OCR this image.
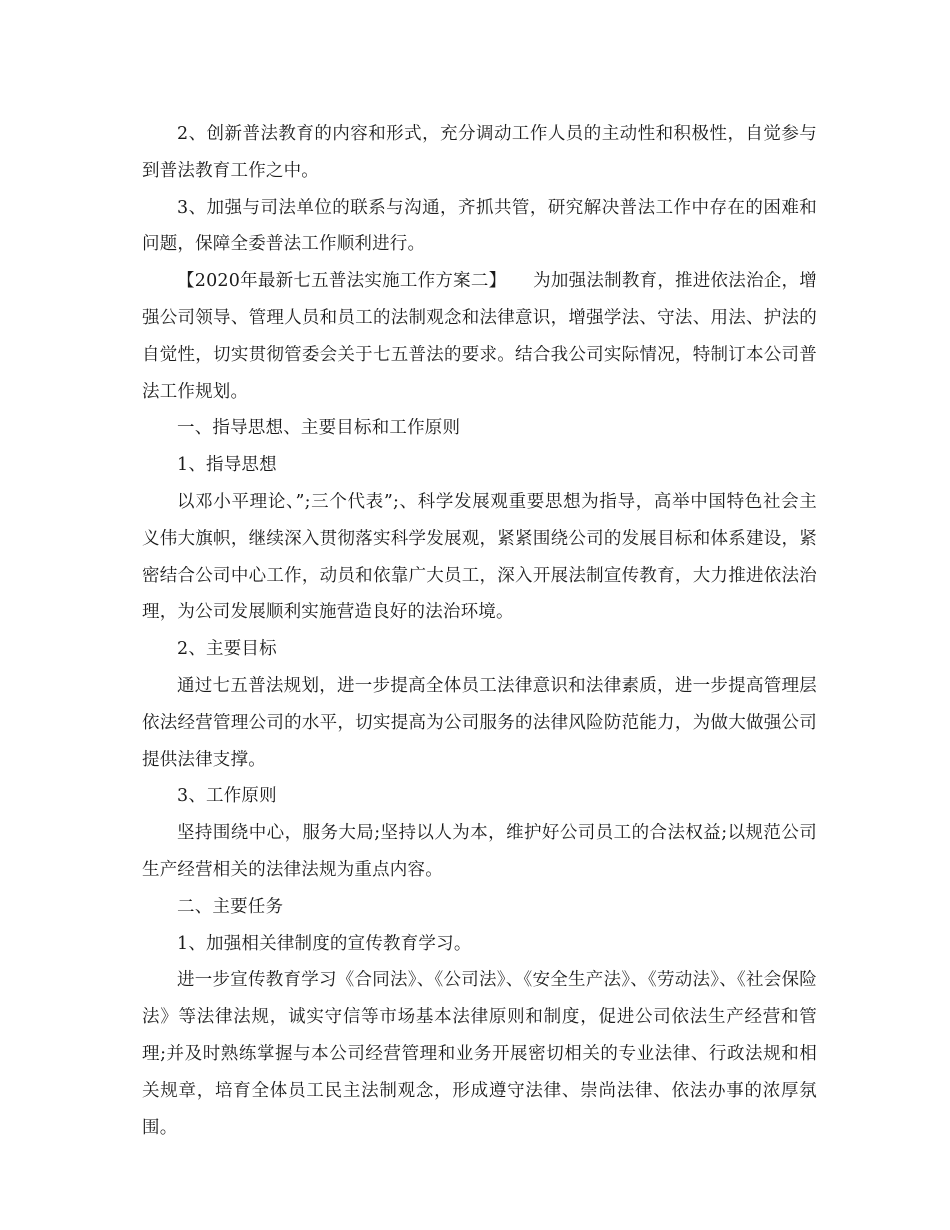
2、创新普法教育的内容和形式，充分调动工作人员的主动性和积极性，自觉参与到普法教育工作之中。

3、加强与司法单位的联系与沟通，齐抓共管，研究解决普法工作中存在的困难和问题，保障全委普法工作顺利进行。

【2020年最新七五普法实施工作方案二】　　为加强法制教育，推进依法治企，增强公司领导、管理人员和员工的法制观念和法律意识，增强学法、守法、用法、护法的自觉性，切实贯彻管委会关于七五普法的要求。结合我公司实际情况，特制订本公司普法工作规划。

一、指导思想、主要目标和工作原则

1、指导思想

以邓小平理论、”;三个代表”;、科学发展观重要思想为指导，高举中国特色社会主义伟大旗帜，继续深入贯彻落实科学发展观，紧紧围绕公司的发展目标和体系建设，紧密结合公司中心工作，动员和依靠广大员工，深入开展法制宣传教育，大力推进依法治理，为公司发展顺利实施营造良好的法治环境。

2、主要目标

通过七五普法规划，进一步提高全体员工法律意识和法律素质，进一步提高管理层依法经营管理公司的水平，切实提高为公司服务的法律风险防范能力，为做大做强公司提供法律支撑。

3、工作原则

坚持围绕中心，服务大局;坚持以人为本，维护好公司员工的合法权益;以规范公司生产经营相关的法律法规为重点内容。

二、主要任务

1、加强相关律制度的宣传教育学习。

进一步宣传教育学习《合同法》、《公司法》、《安全生产法》、《劳动法》、《社会保险法》等法律法规，诚实守信等市场基本法律原则和制度，促进公司依法生产经营和管理;并及时熟练掌握与本公司经营管理和业务开展密切相关的专业法律、行政法规和相关规章，培育全体员工民主法制观念，形成遵守法律、崇尚法律、依法办事的浓厚氛围。
